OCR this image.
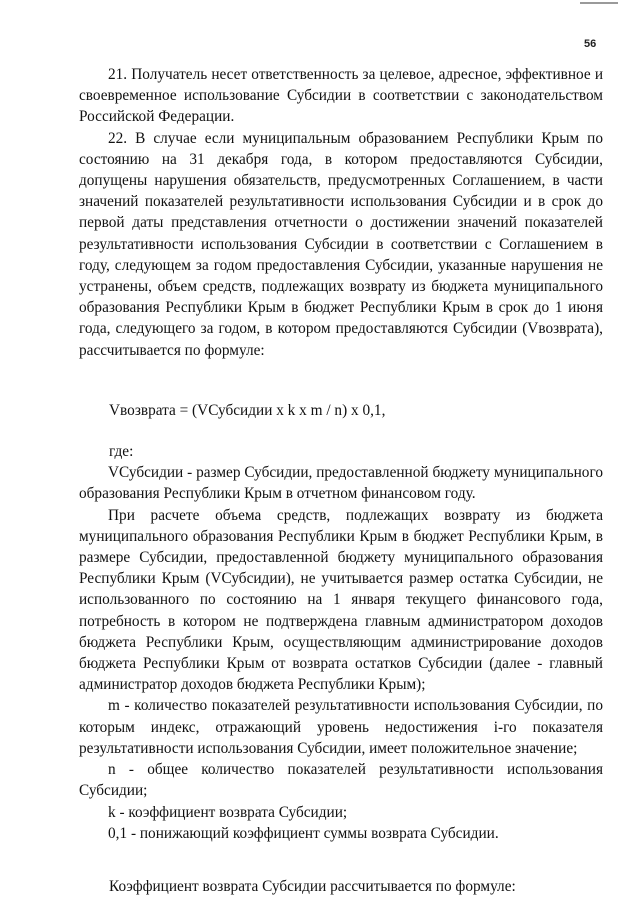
56

21. Получатель несет ответственность за целевое, адресное, эффективное и своевременное использование Субсидии в соответствии с законодательством Российской Федерации.

22. В случае если муниципальным образованием Республики Крым по состоянию на 31 декабря года, в котором предоставляются Субсидии, допущены нарушения обязательств, предусмотренных Соглашением, в части значений показателей результативности использования Субсидии и в срок до первой даты представления отчетности о достижении значений показателей результативности использования Субсидии в соответствии с Соглашением в году, следующем за годом предоставления Субсидии, указанные нарушения не устранены, объем средств, подлежащих возврату из бюджета муниципального образования Республики Крым в бюджет Республики Крым в срок до 1 июня года, следующего за годом, в котором предоставляются Субсидии (Vвозврата), рассчитывается по формуле:

Vвозврата = (VСубсидии x k x m / n) x 0,1,

где:

VСубсидии - размер Субсидии, предоставленной бюджету муниципального образования Республики Крым в отчетном финансовом году.

При расчете объема средств, подлежащих возврату из бюджета муниципального образования Республики Крым в бюджет Республики Крым, в размере Субсидии, предоставленной бюджету муниципального образования Республики Крым (VСубсидии), не учитывается размер остатка Субсидии, не использованного по состоянию на 1 января текущего финансового года, потребность в котором не подтверждена главным администратором доходов бюджета Республики Крым, осуществляющим администрирование доходов бюджета Республики Крым от возврата остатков Субсидии (далее - главный администратор доходов бюджета Республики Крым);

m - количество показателей результативности использования Субсидии, по которым индекс, отражающий уровень недостижения i-го показателя результативности использования Субсидии, имеет положительное значение;

n - общее количество показателей результативности использования Субсидии;

k - коэффициент возврата Субсидии;

0,1 - понижающий коэффициент суммы возврата Субсидии.

Коэффициент возврата Субсидии рассчитывается по формуле:
